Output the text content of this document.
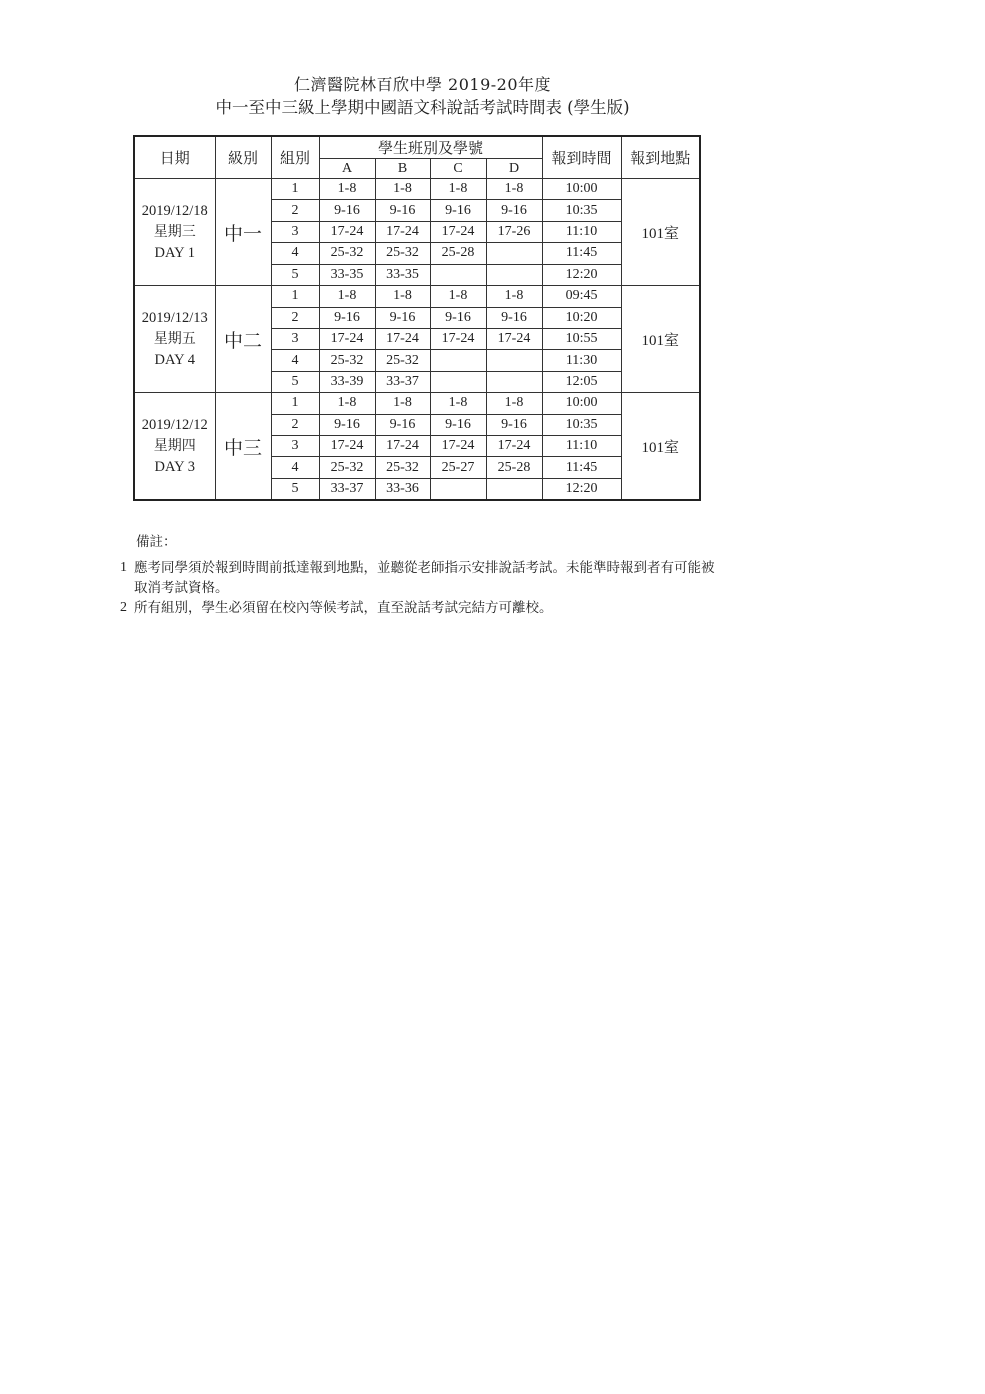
仁濟醫院林百欣中學 2019-20年度
中一至中三級上學期中國語文科說話考試時間表 (學生版)
日期	級別	組別	學生班別及學號				報到時間	報到地點
			A	B	C	D		

2019/12/18
星期三
DAY 1	中一	1	1-8	1-8	1-8	1-8	10:00	101室
		2	9-16	9-16	9-16	9-16	10:35	
		3	17-24	17-24	17-24	17-26	11:10	
		4	25-32	25-32	25-28		11:45	
		5	33-35	33-35			12:20	

2019/12/13
星期五
DAY 4	中二	1	1-8	1-8	1-8	1-8	09:45	101室
		2	9-16	9-16	9-16	9-16	10:20	
		3	17-24	17-24	17-24	17-24	10:55	
		4	25-32	25-32			11:30	
		5	33-39	33-37			12:05	

2019/12/12
星期四
DAY 3	中三	1	1-8	1-8	1-8	1-8	10:00	101室
		2	9-16	9-16	9-16	9-16	10:35	
		3	17-24	17-24	17-24	17-24	11:10	
		4	25-32	25-32	25-27	25-28	11:45	
		5	33-37	33-36			12:20	
備註：
1 應考同學須於報到時間前抵達報到地點，並聽從老師指示安排說話考試。未能準時報到者有可能被取消考試資格。
2 所有組別，學生必須留在校內等候考試，直至說話考試完結方可離校。
